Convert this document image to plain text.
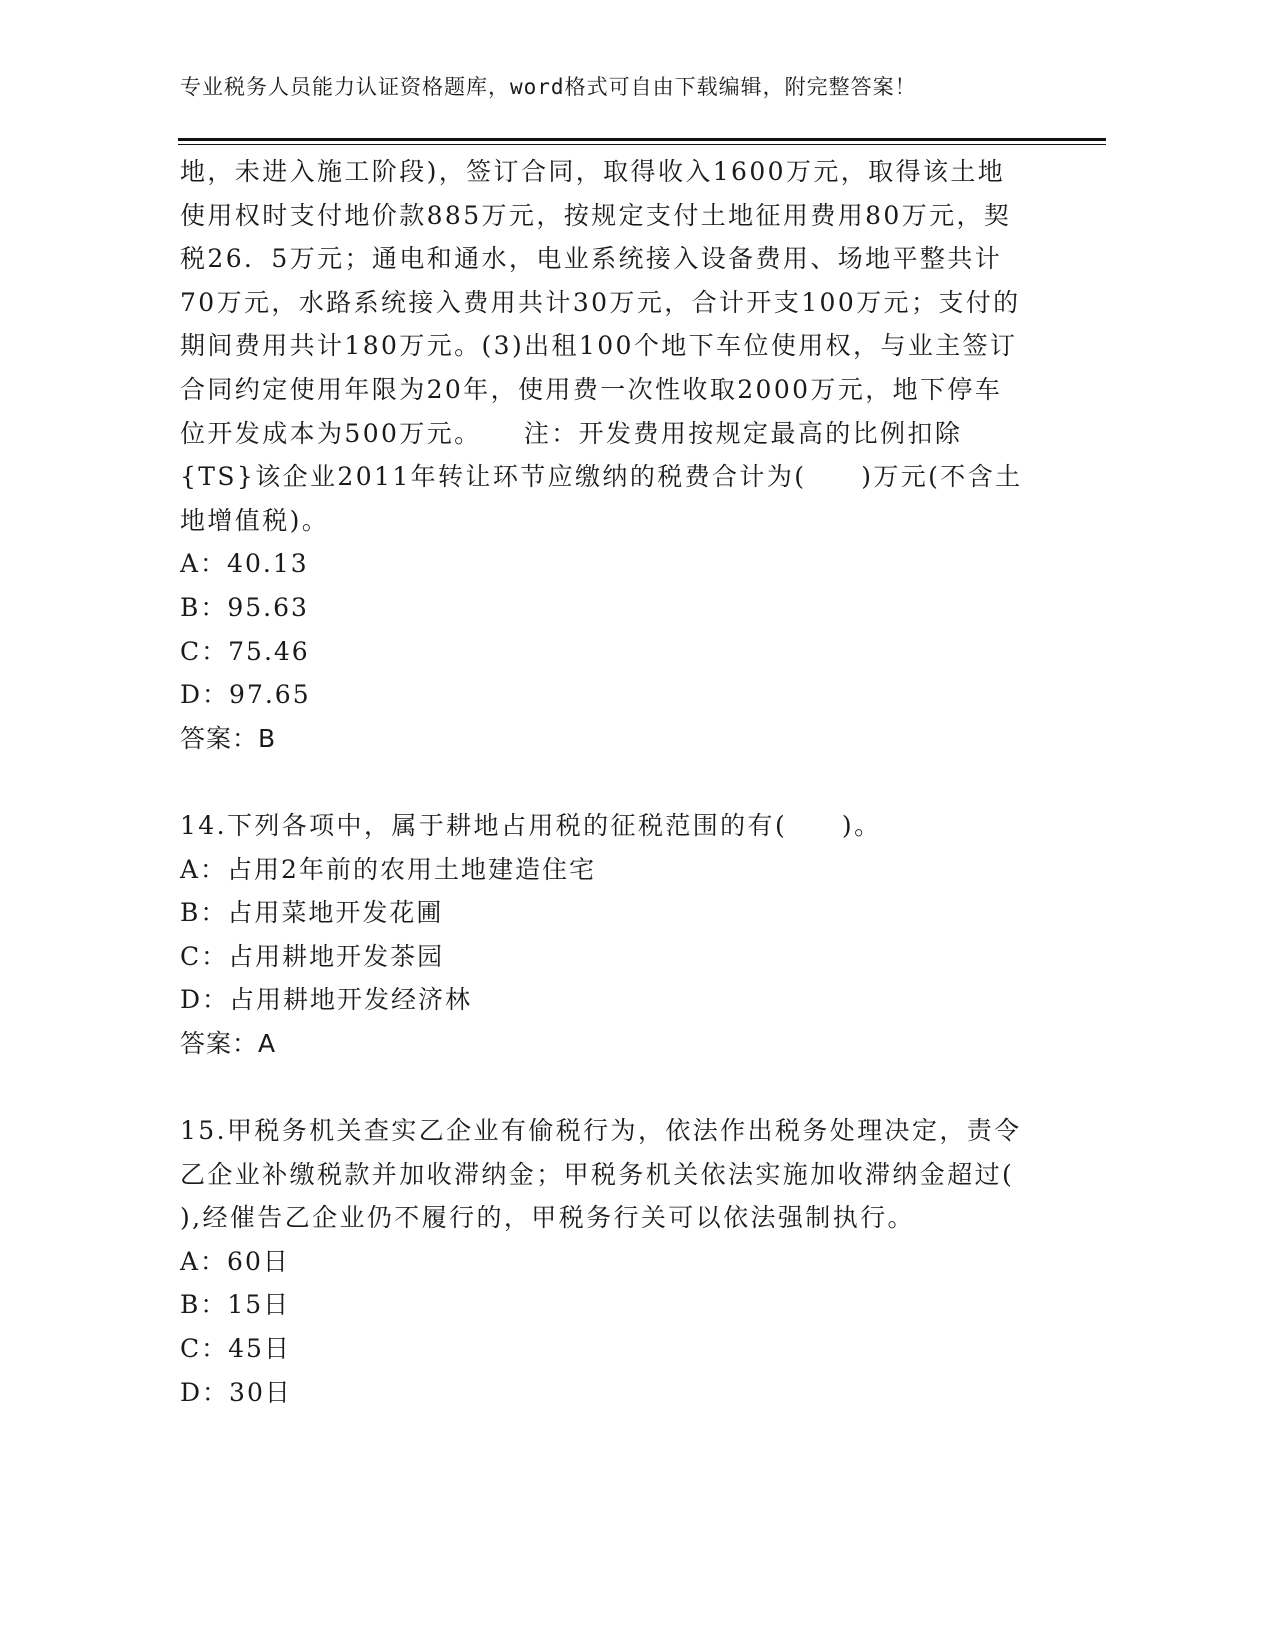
专业税务人员能力认证资格题库，word格式可自由下载编辑，附完整答案！

地，未进入施工阶段)，签订合同，取得收入1600万元，取得该土地

使用权时支付地价款885万元，按规定支付土地征用费用80万元，契

税26．5万元；通电和通水，电业系统接入设备费用、场地平整共计

70万元，水路系统接入费用共计30万元，合计开支100万元；支付的

期间费用共计180万元。(3)出租100个地下车位使用权，与业主签订

合同约定使用年限为20年，使用费一次性收取2000万元，地下停车

位开发成本为500万元。　　注：开发费用按规定最高的比例扣除

{TS}该企业2011年转让环节应缴纳的税费合计为(　　)万元(不含土

地增值税)。

A：40.13

B：95.63

C：75.46

D：97.65

答案：B

14.下列各项中，属于耕地占用税的征税范围的有(　　)。

A：占用2年前的农用土地建造住宅

B：占用菜地开发花圃

C：占用耕地开发茶园

D：占用耕地开发经济林

答案：A

15.甲税务机关查实乙企业有偷税行为，依法作出税务处理决定，责令

乙企业补缴税款并加收滞纳金；甲税务机关依法实施加收滞纳金超过(

),经催告乙企业仍不履行的，甲税务行关可以依法强制执行。

A：60日

B：15日

C：45日

D：30日
